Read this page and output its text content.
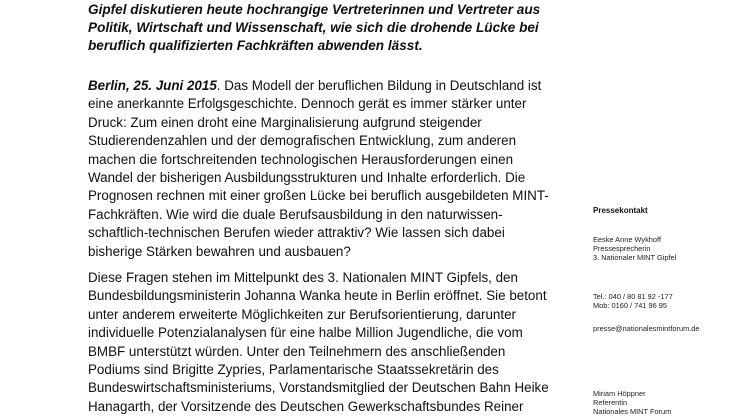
Gipfel diskutieren heute hochrangige Vertreterinnen und Vertreter aus
Politik, Wirtschaft und Wissenschaft, wie sich die drohende Lücke bei
beruflich qualifizierten Fachkräften abwenden lässt.
Berlin, 25. Juni 2015. Das Modell der beruflichen Bildung in Deutschland ist
eine anerkannte Erfolgsgeschichte. Dennoch gerät es immer stärker unter
Druck: Zum einen droht eine Marginalisierung aufgrund steigender
Studierendenzahlen und der demografischen Entwicklung, zum anderen
machen die fortschreitenden technologischen Herausforderungen einen
Wandel der bisherigen Ausbildungsstrukturen und Inhalte erforderlich. Die
Prognosen rechnen mit einer großen Lücke bei beruflich ausgebildeten MINT-
Fachkräften. Wie wird die duale Berufsausbildung in den naturwissen-
schaftlich-technischen Berufen wieder attraktiv? Wie lassen sich dabei
bisherige Stärken bewahren und ausbauen?
Diese Fragen stehen im Mittelpunkt des 3. Nationalen MINT Gipfels, den
Bundesbildungsministerin Johanna Wanka heute in Berlin eröffnet. Sie betont
unter anderem erweiterte Möglichkeiten zur Berufsorientierung, darunter
individuelle Potenzialanalysen für eine halbe Million Jugendliche, die vom
BMBF unterstützt würden. Unter den Teilnehmern des anschließenden
Podiums sind Brigitte Zypries, Parlamentarische Staatssekretärin des
Bundeswirtschaftsministeriums, Vorstandsmitglied der Deutschen Bahn Heike
Hanagarth, der Vorsitzende des Deutschen Gewerkschaftsbundes Reiner
Pressekontakt
Eeske Anne Wykhoff
Pressesprecherin
3. Nationaler MINT Gipfel
Tel.: 040 / 80 81 92 -177
Mob: 0160 / 741 96 95
presse@nationalesmintforum.de
Miriam Höppner
Referentin
Nationales MINT Forum
